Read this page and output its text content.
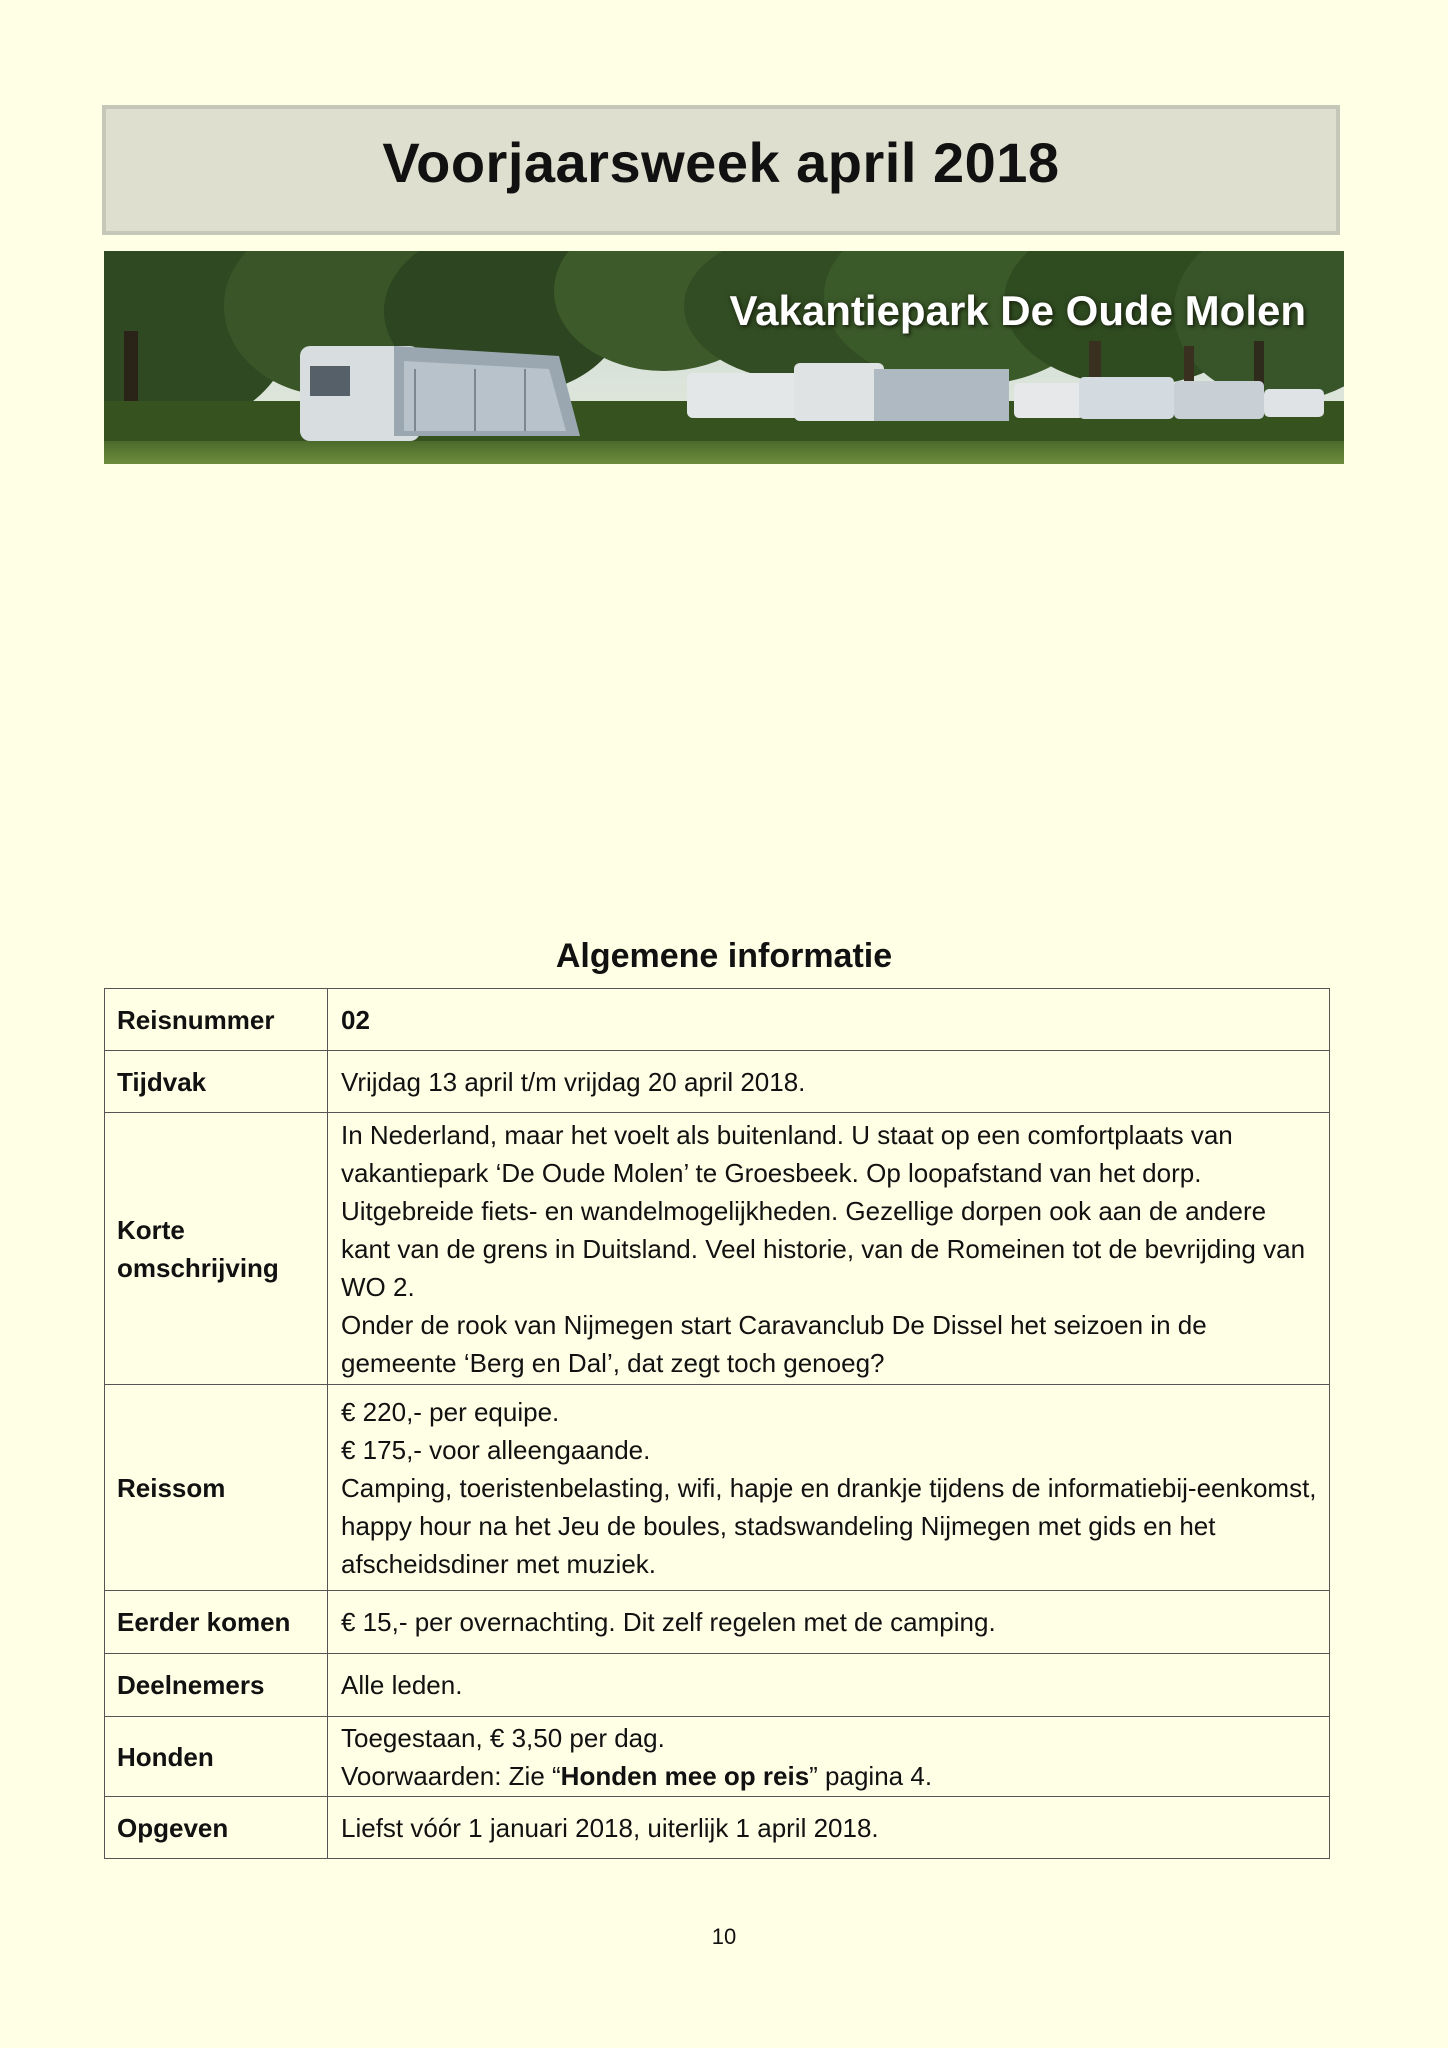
Voorjaarsweek april 2018
Vakantiepark De Oude Molen
Algemene informatie
Reisnummer	02
Tijdvak	Vrijdag 13 april t/m vrijdag 20 april 2018.
Korte omschrijving	In Nederland, maar het voelt als buitenland. U staat op een comfortplaats van vakantiepark ‘De Oude Molen’ te Groesbeek. Op loopafstand van het dorp. Uitgebreide fiets- en wandelmogelijkheden. Gezellige dorpen ook aan de andere kant van de grens in Duitsland. Veel historie, van de Romeinen tot de bevrijding van WO 2.
Onder de rook van Nijmegen start Caravanclub De Dissel het seizoen in de gemeente ‘Berg en Dal’, dat zegt toch genoeg?
Reissom	€ 220,- per equipe.
€ 175,- voor alleengaande.
Camping, toeristenbelasting, wifi, hapje en drankje tijdens de informatiebij-eenkomst, happy hour na het Jeu de boules, stadswandeling Nijmegen met gids en het afscheidsdiner met muziek.
Eerder komen	€ 15,- per overnachting. Dit zelf regelen met de camping.
Deelnemers	Alle leden.
Honden	Toegestaan, € 3,50 per dag.
Voorwaarden: Zie “Honden mee op reis” pagina 4.
Opgeven	Liefst vóór 1 januari 2018, uiterlijk 1 april 2018.
10
